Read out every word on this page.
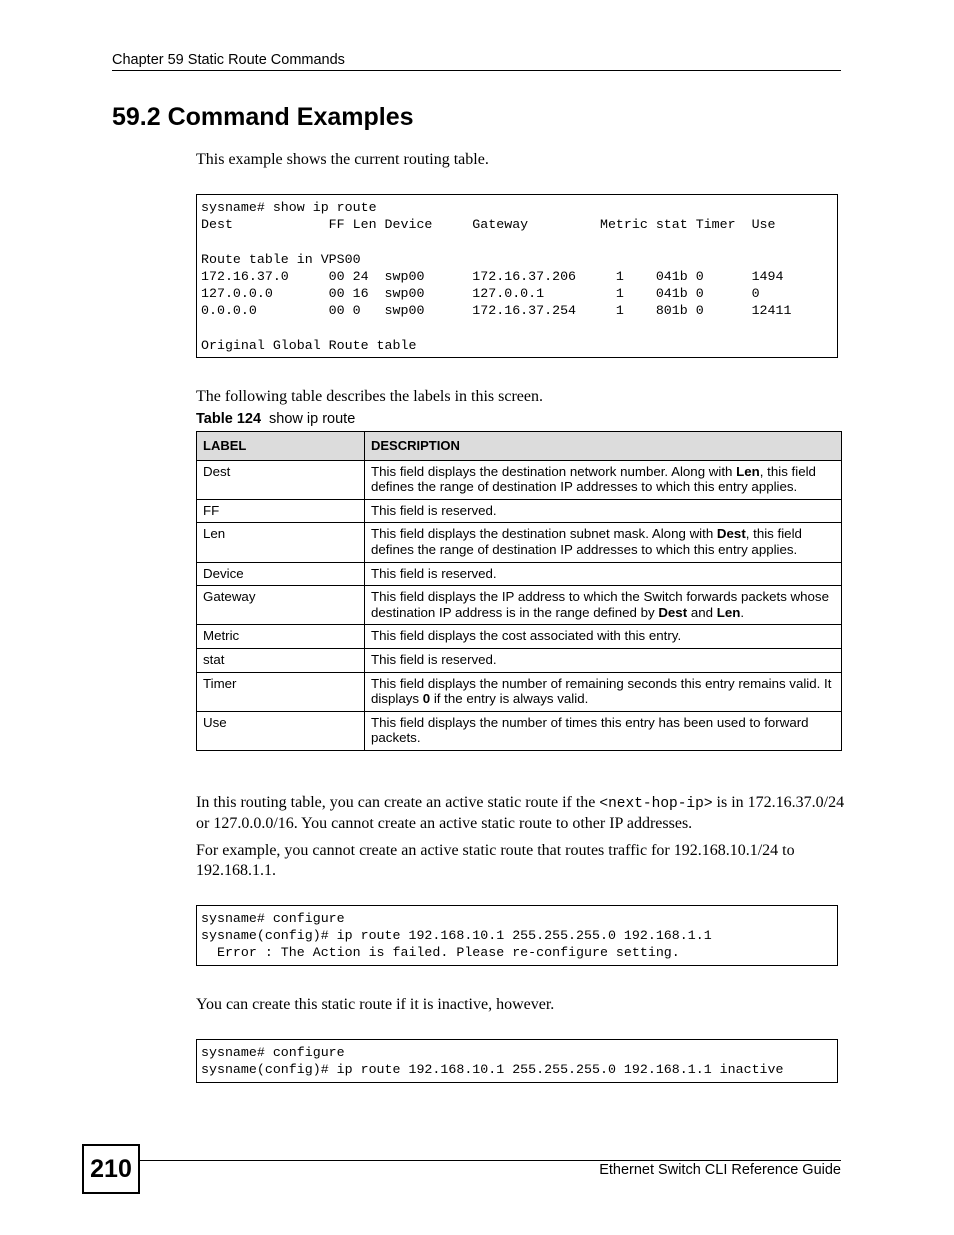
Chapter 59 Static Route Commands
59.2 Command Examples

This example shows the current routing table.

sysname# show ip route
Dest            FF Len Device     Gateway         Metric stat Timer  Use

Route table in VPS00
172.16.37.0     00 24  swp00      172.16.37.206     1    041b 0      1494
127.0.0.0       00 16  swp00      127.0.0.1         1    041b 0      0
0.0.0.0         00 0   swp00      172.16.37.254     1    801b 0      12411

Original Global Route table

The following table describes the labels in this screen.

Table 124 show ip route
LABEL	DESCRIPTION
Dest	This field displays the destination network number. Along with Len, this field defines the range of destination IP addresses to which this entry applies.
FF	This field is reserved.
Len	This field displays the destination subnet mask. Along with Dest, this field defines the range of destination IP addresses to which this entry applies.
Device	This field is reserved.
Gateway	This field displays the IP address to which the Switch forwards packets whose destination IP address is in the range defined by Dest and Len.
Metric	This field displays the cost associated with this entry.
stat	This field is reserved.
Timer	This field displays the number of remaining seconds this entry remains valid. It displays 0 if the entry is always valid.
Use	This field displays the number of times this entry has been used to forward packets.

In this routing table, you can create an active static route if the <next-hop-ip> is in 172.16.37.0/24 or 127.0.0.0/16. You cannot create an active static route to other IP addresses.

For example, you cannot create an active static route that routes traffic for 192.168.10.1/24 to 192.168.1.1.

sysname# configure
sysname(config)# ip route 192.168.10.1 255.255.255.0 192.168.1.1
Error : The Action is failed. Please re-configure setting.

You can create this static route if it is inactive, however.

sysname# configure
sysname(config)# ip route 192.168.10.1 255.255.255.0 192.168.1.1 inactive
210	Ethernet Switch CLI Reference Guide
